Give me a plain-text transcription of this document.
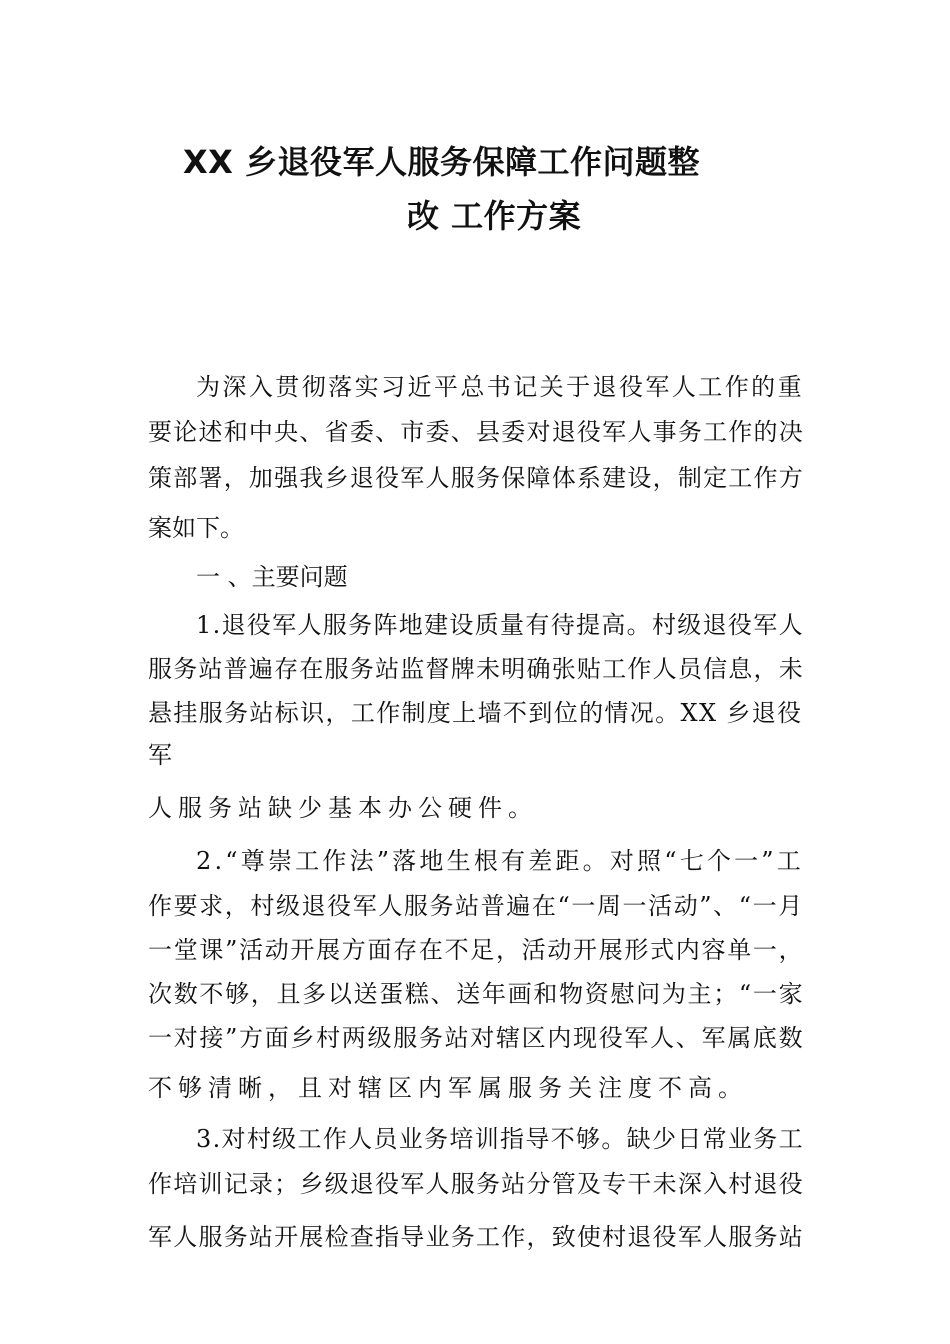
XX 乡退役军人服务保障工作问题整
改 工作方案

为深入贯彻落实习近平总书记关于退役军人工作的重

要论述和中央、省委、市委、县委对退役军人事务工作的决

策部署，加强我乡退役军人服务保障体系建设，制定工作方

案如下。

一 、主要问题

1.退役军人服务阵地建设质量有待提高。村级退役军人

服务站普遍存在服务站监督牌未明确张贴工作人员信息，未

悬挂服务站标识，工作制度上墙不到位的情况。XX 乡退役

军

人服务站缺少基本办公硬件。

2.“尊崇工作法”落地生根有差距。对照“七个一”工

作要求，村级退役军人服务站普遍在“一周一活动”、“一月

一堂课”活动开展方面存在不足，活动开展形式内容单一，

次数不够，且多以送蛋糕、送年画和物资慰问为主；“一家

一对接”方面乡村两级服务站对辖区内现役军人、军属底数

不够清晰，且对辖区内军属服务关注度不高。

3.对村级工作人员业务培训指导不够。缺少日常业务工

作培训记录；乡级退役军人服务站分管及专干未深入村退役

军人服务站开展检查指导业务工作，致使村退役军人服务站
